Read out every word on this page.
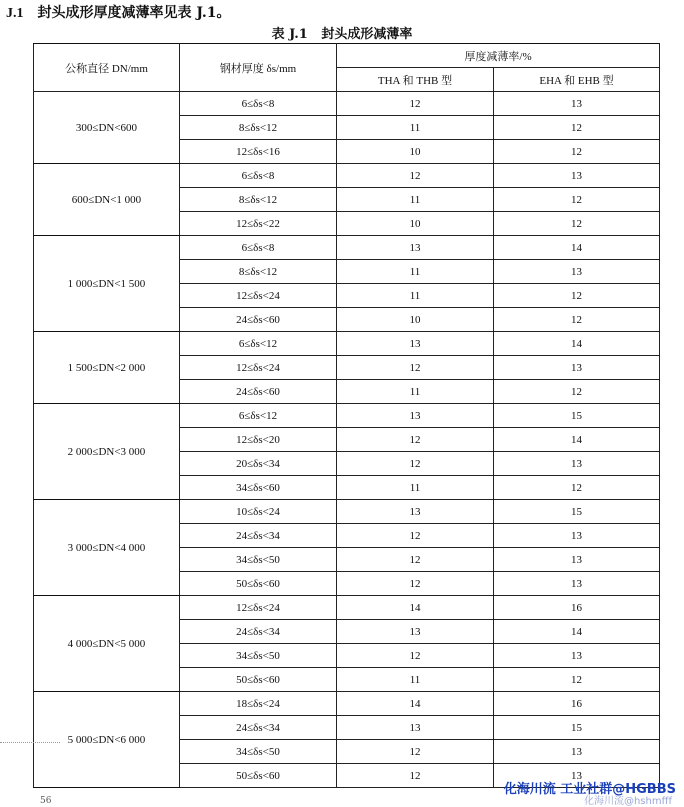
J.1 封头成形厚度减薄率见表 J.1。
表 J.1 封头成形减薄率
公称直径 DN/mm	钢材厚度 δs/mm	厚度减薄率/%	
		THA 和 THB 型	EHA 和 EHB 型
300≤DN<600	6≤δs<8	12	13
	8≤δs<12	11	12
	12≤δs<16	10	12
600≤DN<1 000	6≤δs<8	12	13
	8≤δs<12	11	12
	12≤δs<22	10	12
1 000≤DN<1 500	6≤δs<8	13	14
	8≤δs<12	11	13
	12≤δs<24	11	12
	24≤δs<60	10	12
1 500≤DN<2 000	6≤δs<12	13	14
	12≤δs<24	12	13
	24≤δs<60	11	12
2 000≤DN<3 000	6≤δs<12	13	15
	12≤δs<20	12	14
	20≤δs<34	12	13
	34≤δs<60	11	12
3 000≤DN<4 000	10≤δs<24	13	15
	24≤δs<34	12	13
	34≤δs<50	12	13
	50≤δs<60	12	13
4 000≤DN<5 000	12≤δs<24	14	16
	24≤δs<34	13	14
	34≤δs<50	12	13
	50≤δs<60	11	12
5 000≤DN<6 000	18≤δs<24	14	16
	24≤δs<34	13	15
	34≤δs<50	12	13
	50≤δs<60	12	13
56
化海川流 工业社群@HGBBS
化海川流@hshmfff
